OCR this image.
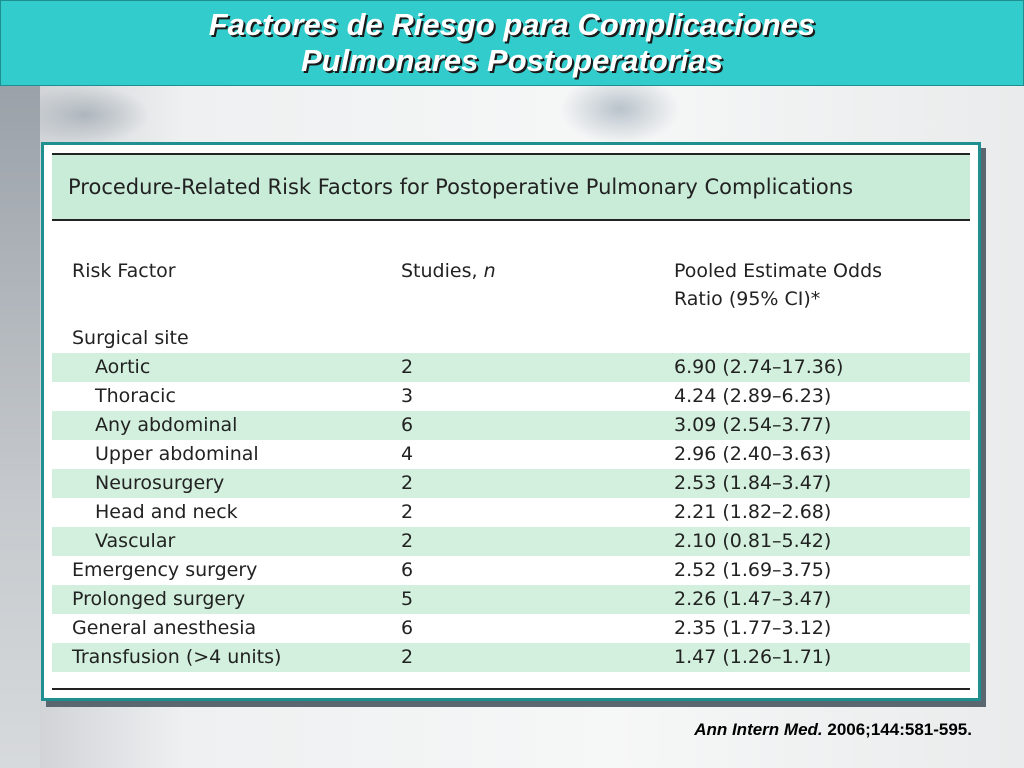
Factores de Riesgo para Complicaciones
Pulmonares Postoperatorias
Procedure-Related Risk Factors for Postoperative Pulmonary Complications
Risk Factor	Studies, n	Pooled Estimate Odds
Ratio (95% CI)*
Surgical site
Aortic	2	6.90 (2.74–17.36)
Thoracic	3	4.24 (2.89–6.23)
Any abdominal	6	3.09 (2.54–3.77)
Upper abdominal	4	2.96 (2.40–3.63)
Neurosurgery	2	2.53 (1.84–3.47)
Head and neck	2	2.21 (1.82–2.68)
Vascular	2	2.10 (0.81–5.42)
Emergency surgery	6	2.52 (1.69–3.75)
Prolonged surgery	5	2.26 (1.47–3.47)
General anesthesia	6	2.35 (1.77–3.12)
Transfusion (>4 units)	2	1.47 (1.26–1.71)
Ann Intern Med. 2006;144:581-595.
